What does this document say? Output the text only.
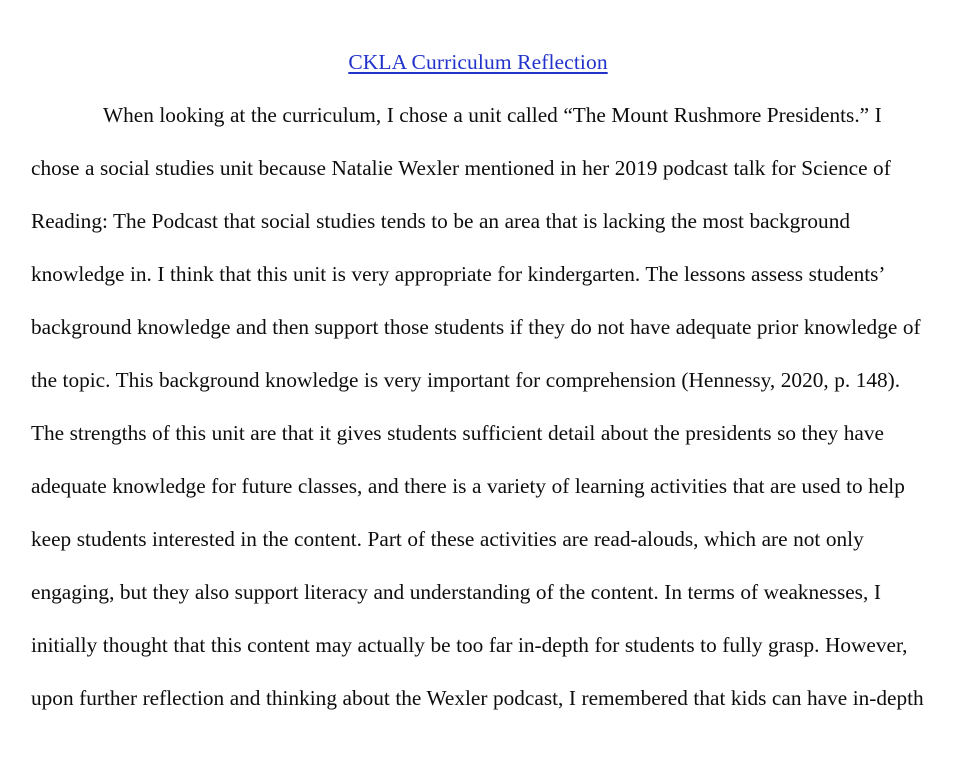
CKLA Curriculum Reflection

When looking at the curriculum, I chose a unit called “The Mount Rushmore Presidents.” I chose a social studies unit because Natalie Wexler mentioned in her 2019 podcast talk for Science of Reading: The Podcast that social studies tends to be an area that is lacking the most background knowledge in. I think that this unit is very appropriate for kindergarten. The lessons assess students’ background knowledge and then support those students if they do not have adequate prior knowledge of the topic. This background knowledge is very important for comprehension (Hennessy, 2020, p. 148). The strengths of this unit are that it gives students sufficient detail about the presidents so they have adequate knowledge for future classes, and there is a variety of learning activities that are used to help keep students interested in the content. Part of these activities are read-alouds, which are not only engaging, but they also support literacy and understanding of the content. In terms of weaknesses, I initially thought that this content may actually be too far in-depth for students to fully grasp. However, upon further reflection and thinking about the Wexler podcast, I remembered that kids can have in-depth
